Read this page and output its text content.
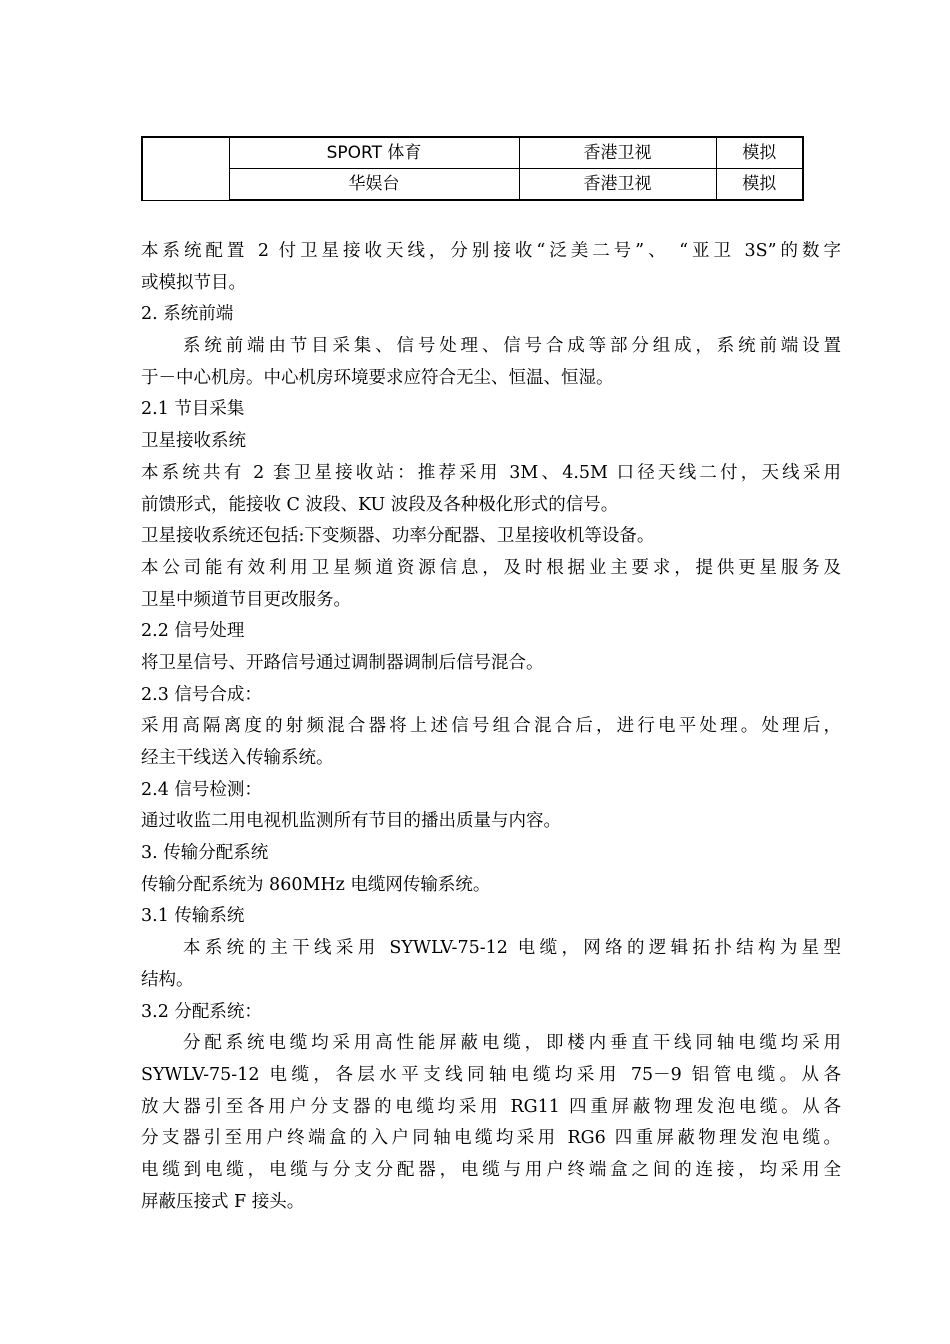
	SPORT 体育	香港卫视	模拟
	华娱台	香港卫视	模拟
本系统配置 2 付卫星接收天线，分别接收“泛美二号”、 “亚卫 3S”的数字
或模拟节目。
2. 系统前端
系统前端由节目采集、信号处理、信号合成等部分组成，系统前端设置
于－中心机房。中心机房环境要求应符合无尘、恒温、恒湿。
2.1 节目采集
卫星接收系统
本系统共有 2 套卫星接收站：推荐采用 3M、4.5M 口径天线二付，天线采用
前馈形式，能接收 C 波段、KU 波段及各种极化形式的信号。
卫星接收系统还包括:下变频器、功率分配器、卫星接收机等设备。
本公司能有效利用卫星频道资源信息，及时根据业主要求，提供更星服务及
卫星中频道节目更改服务。
2.2 信号处理
将卫星信号、开路信号通过调制器调制后信号混合。
2.3 信号合成：
采用高隔离度的射频混合器将上述信号组合混合后，进行电平处理。处理后，
经主干线送入传输系统。
2.4 信号检测：
通过收监二用电视机监测所有节目的播出质量与内容。
3. 传输分配系统
传输分配系统为 860MHz 电缆网传输系统。
3.1 传输系统
本系统的主干线采用 SYWLV-75-12 电缆，网络的逻辑拓扑结构为星型
结构。
3.2 分配系统：
分配系统电缆均采用高性能屏蔽电缆，即楼内垂直干线同轴电缆均采用
SYWLV-75-12 电缆，各层水平支线同轴电缆均采用 75－9 铝管电缆。从各
放大器引至各用户分支器的电缆均采用 RG11 四重屏蔽物理发泡电缆。从各
分支器引至用户终端盒的入户同轴电缆均采用 RG6 四重屏蔽物理发泡电缆。
电缆到电缆，电缆与分支分配器，电缆与用户终端盒之间的连接，均采用全
屏蔽压接式 F 接头。
